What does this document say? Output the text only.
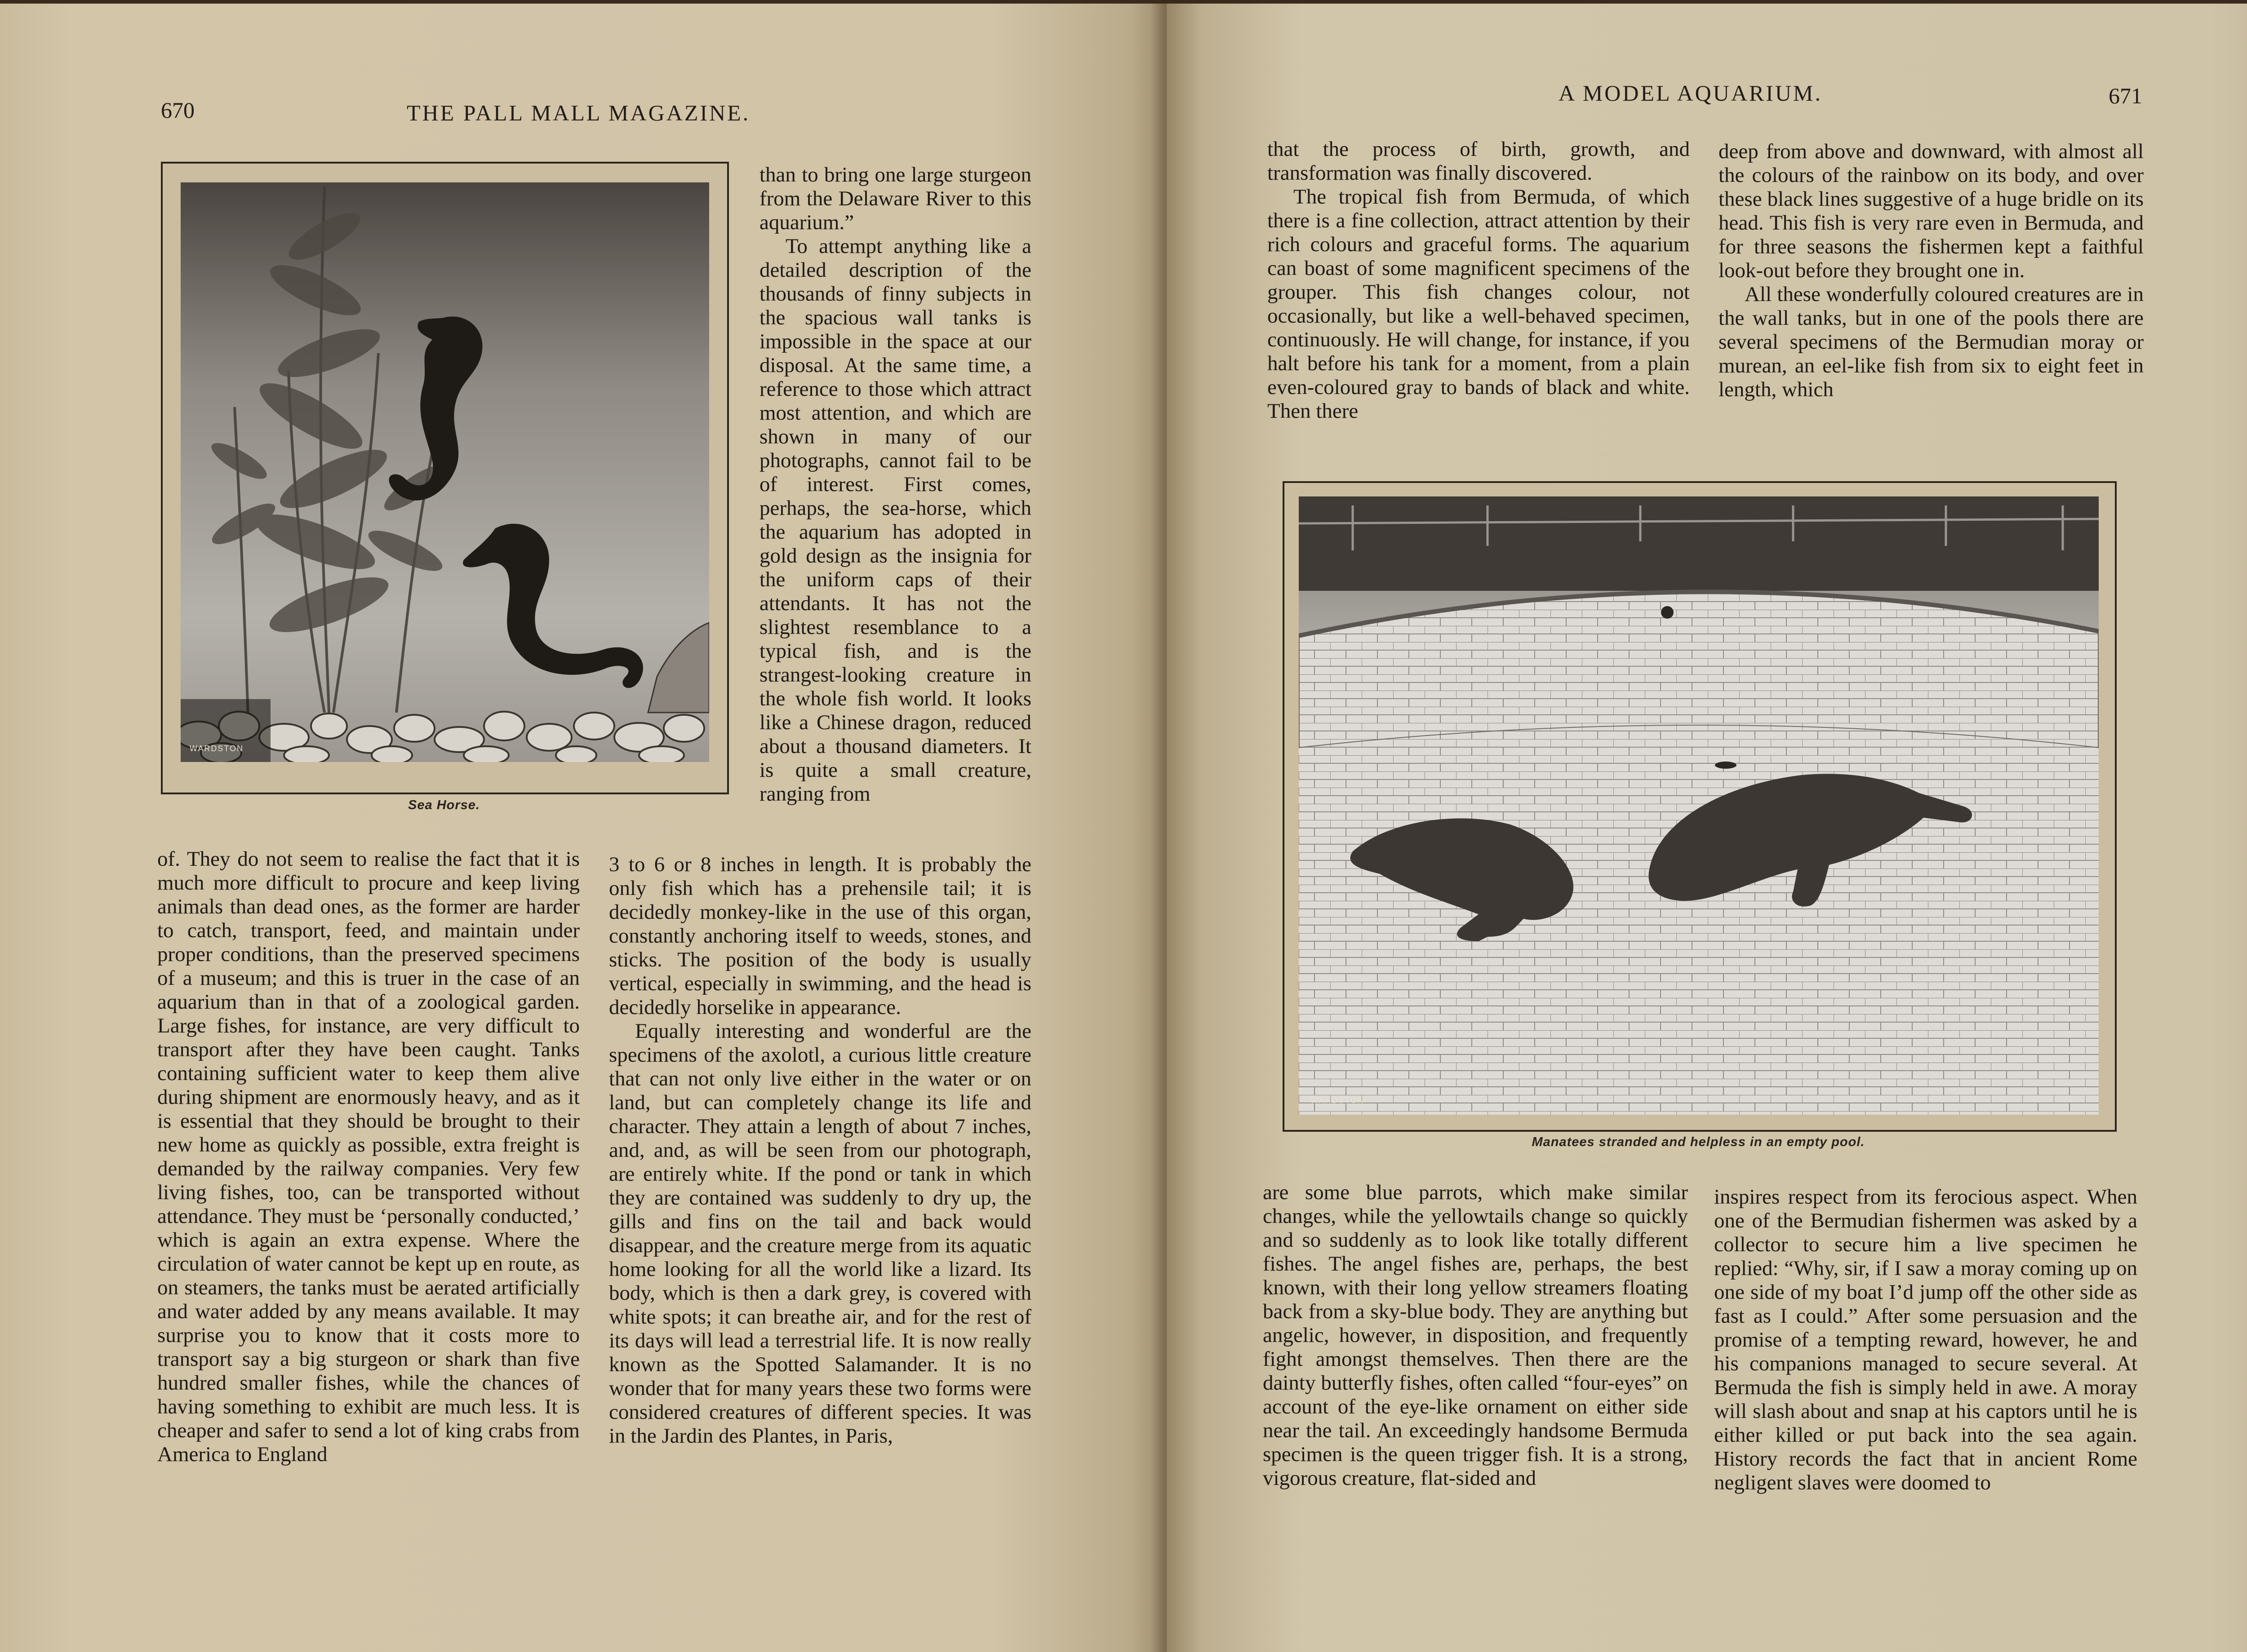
670	THE PALL MALL MAGAZINE.
WARDSTON
Sea Horse.

than to bring one large sturgeon from the Delaware River to this aquarium.”

To attempt anything like a detailed description of the thousands of finny subjects in the spacious wall tanks is impossible in the space at our disposal. At the same time, a reference to those which attract most attention, and which are shown in many of our photographs, cannot fail to be of interest. First comes, perhaps, the sea-horse, which the aquarium has adopted in gold design as the insignia for the uniform caps of their attendants. It has not the slightest resemblance to a typical fish, and is the strangest-looking creature in the whole fish world. It looks like a Chinese dragon, reduced about a thousand diameters. It is quite a small creature, ranging from

of. They do not seem to realise the fact that it is much more difficult to procure and keep living animals than dead ones, as the former are harder to catch, transport, feed, and maintain under proper conditions, than the preserved specimens of a museum; and this is truer in the case of an aquarium than in that of a zoological garden. Large fishes, for instance, are very difficult to transport after they have been caught. Tanks containing sufficient water to keep them alive during shipment are enormously heavy, and as it is essential that they should be brought to their new home as quickly as possible, extra freight is demanded by the railway companies. Very few living fishes, too, can be transported without attendance. They must be ‘personally conducted,’ which is again an extra expense. Where the circulation of water cannot be kept up en route, as on steamers, the tanks must be aerated artificially and water added by any means available. It may surprise you to know that it costs more to transport say a big sturgeon or shark than five hundred smaller fishes, while the chances of having something to exhibit are much less. It is cheaper and safer to send a lot of king crabs from America to England

3 to 6 or 8 inches in length. It is probably the only fish which has a prehensile tail; it is decidedly monkey-like in the use of this organ, constantly anchoring itself to weeds, stones, and sticks. The position of the body is usually vertical, especially in swimming, and the head is decidedly horselike in appearance.

Equally interesting and wonderful are the specimens of the axolotl, a curious little creature that can not only live either in the water or on land, but can completely change its life and character. They attain a length of about 7 inches, and, and, as will be seen from our photograph, are entirely white. If the pond or tank in which they are contained was suddenly to dry up, the gills and fins on the tail and back would disappear, and the creature merge from its aquatic home looking for all the world like a lizard. Its body, which is then a dark grey, is covered with white spots; it can breathe air, and for the rest of its days will lead a terrestrial life. It is now really known as the Spotted Salamander. It is no wonder that for many years these two forms were considered creatures of different species. It was in the Jardin des Plantes, in Paris,

A MODEL AQUARIUM.	671

that the process of birth, growth, and transformation was finally discovered.

The tropical fish from Bermuda, of which there is a fine collection, attract attention by their rich colours and graceful forms. The aquarium can boast of some magnificent specimens of the grouper. This fish changes colour, not occasionally, but like a well-behaved specimen, continuously. He will change, for instance, if you halt before his tank for a moment, from a plain even-coloured gray to bands of black and white. Then there

deep from above and downward, with almost all the colours of the rainbow on its body, and over these black lines suggestive of a huge bridle on its head. This fish is very rare even in Bermuda, and for three seasons the fishermen kept a faithful look-out before they brought one in.

All these wonderfully coloured creatures are in the wall tanks, but in one of the pools there are several specimens of the Bermudian moray or murean, an eel-like fish from six to eight feet in length, which

WARDSTON
Manatees stranded and helpless in an empty pool.

are some blue parrots, which make similar changes, while the yellowtails change so quickly and so suddenly as to look like totally different fishes. The angel fishes are, perhaps, the best known, with their long yellow streamers floating back from a sky-blue body. They are anything but angelic, however, in disposition, and frequently fight amongst themselves. Then there are the dainty butterfly fishes, often called “four-eyes” on account of the eye-like ornament on either side near the tail. An exceedingly handsome Bermuda specimen is the queen trigger fish. It is a strong, vigorous creature, flat-sided and

inspires respect from its ferocious aspect. When one of the Bermudian fishermen was asked by a collector to secure him a live specimen he replied: “Why, sir, if I saw a moray coming up on one side of my boat I’d jump off the other side as fast as I could.” After some persuasion and the promise of a tempting reward, however, he and his companions managed to secure several. At Bermuda the fish is simply held in awe. A moray will slash about and snap at his captors until he is either killed or put back into the sea again. History records the fact that in ancient Rome negligent slaves were doomed to
